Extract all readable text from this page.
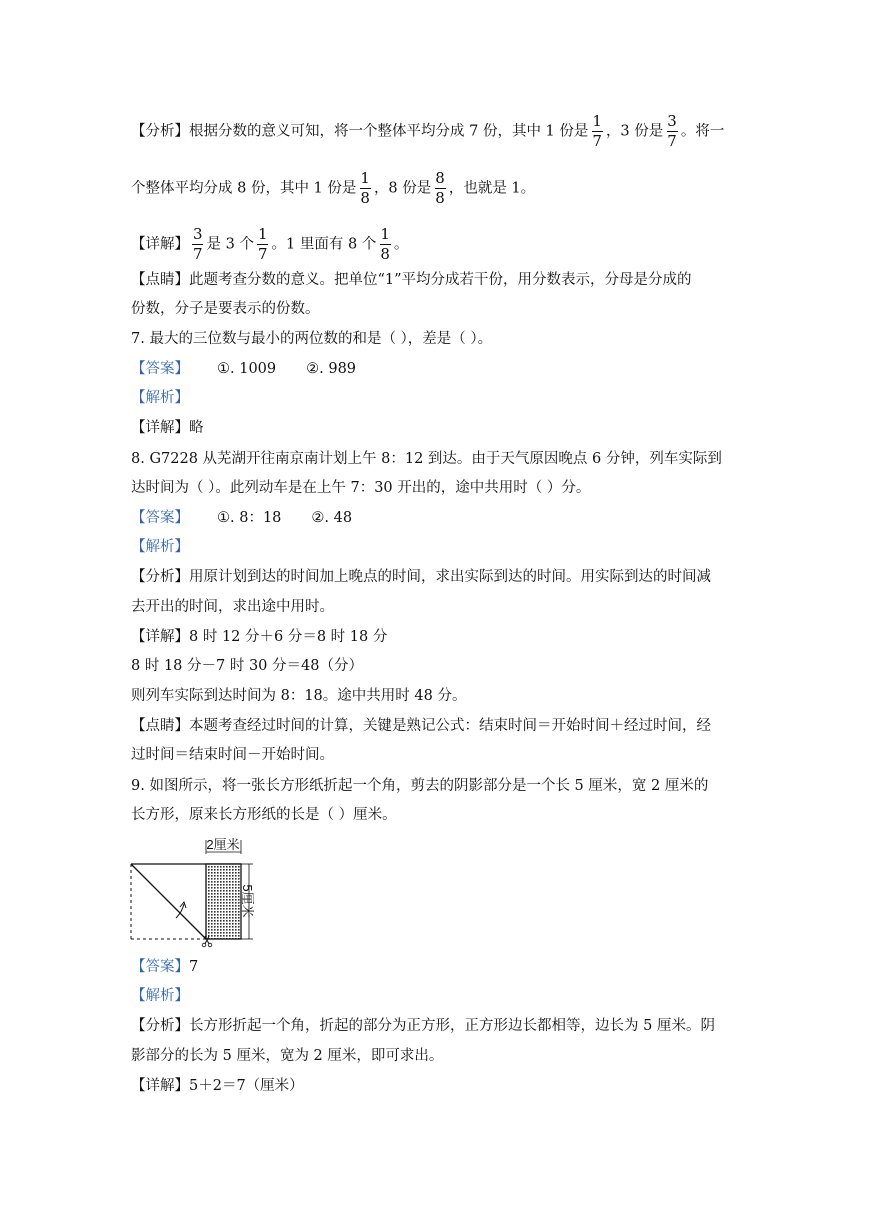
【分析】根据分数的意义可知，将一个整体平均分成 7 份，其中 1 份是 $\frac{1}{7}$ ，3 份是 $\frac{3}{7}$ 。将一
个整体平均分成 8 份，其中 1 份是 $\frac{1}{8}$ ，8 份是 $\frac{8}{8}$ ，也就是 1。
【详解】 $\frac{3}{7}$ 是 3 个 $\frac{1}{7}$ 。1 里面有 8 个 $\frac{1}{8}$ 。
【点睛】此题考查分数的意义。把单位“1”平均分成若干份，用分数表示，分母是分成的
份数，分子是要表示的份数。
7. 最大的三位数与最小的两位数的和是（ ），差是（ ）。
【答案】 ①. 1009 ②. 989
【解析】
【详解】略
8. G7228 从芜湖开往南京南计划上午 8：12 到达。由于天气原因晚点 6 分钟，列车实际到
达时间为（ ）。此列动车是在上午 7：30 开出的，途中共用时（ ）分。
【答案】 ①. 8：18 ②. 48
【解析】
【分析】用原计划到达的时间加上晚点的时间，求出实际到达的时间。用实际到达的时间减
去开出的时间，求出途中用时。
【详解】8 时 12 分＋6 分＝8 时 18 分
8 时 18 分－7 时 30 分＝48（分）
则列车实际到达时间为 8：18。途中共用时 48 分。
【点睛】本题考查经过时间的计算，关键是熟记公式：结束时间＝开始时间＋经过时间，经
过时间＝结束时间－开始时间。
9. 如图所示，将一张长方形纸折起一个角，剪去的阴影部分是一个长 5 厘米，宽 2 厘米的
长方形，原来长方形纸的长是（ ）厘米。
2厘米
5厘米
【答案】7
【解析】
【分析】长方形折起一个角，折起的部分为正方形，正方形边长都相等，边长为 5 厘米。阴
影部分的长为 5 厘米，宽为 2 厘米，即可求出。
【详解】5＋2＝7（厘米）
